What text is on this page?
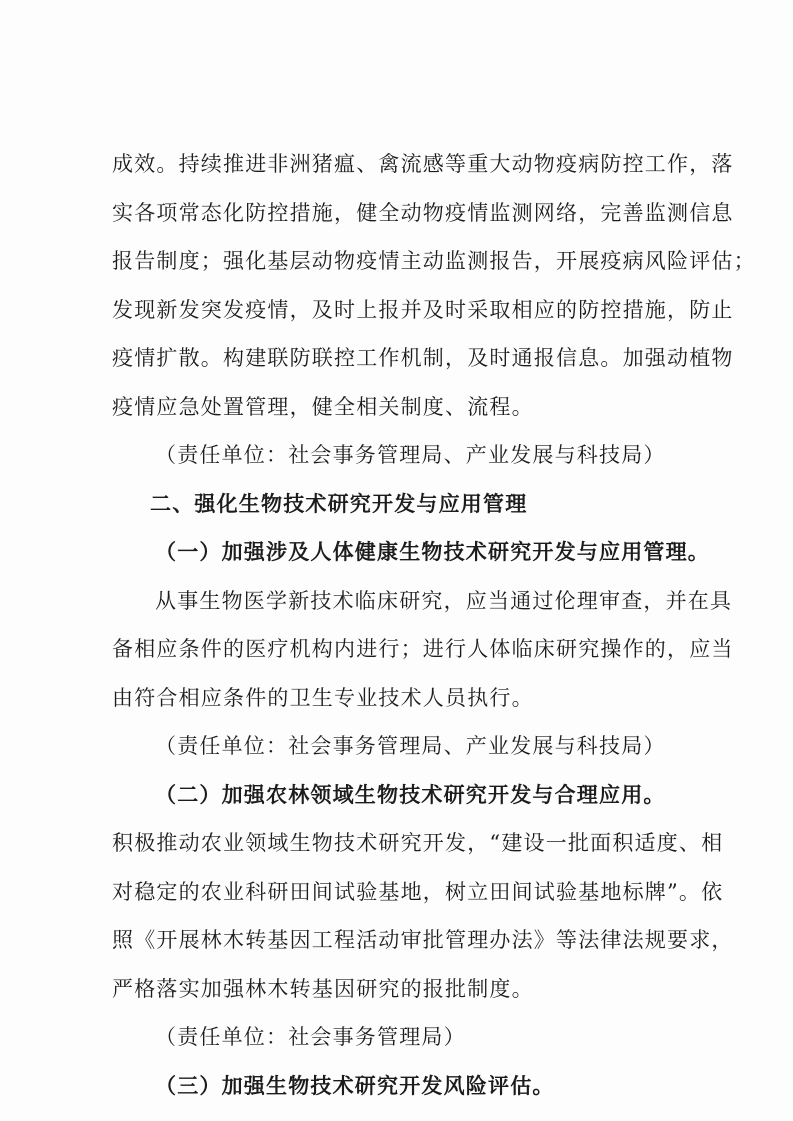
成效。持续推进非洲猪瘟、禽流感等重大动物疫病防控工作，落
实各项常态化防控措施，健全动物疫情监测网络，完善监测信息
报告制度；强化基层动物疫情主动监测报告，开展疫病风险评估；
发现新发突发疫情，及时上报并及时采取相应的防控措施，防止
疫情扩散。构建联防联控工作机制，及时通报信息。加强动植物
疫情应急处置管理，健全相关制度、流程。
（责任单位：社会事务管理局、产业发展与科技局）
二、强化生物技术研究开发与应用管理
（一）加强涉及人体健康生物技术研究开发与应用管理。
从事生物医学新技术临床研究，应当通过伦理审查，并在具
备相应条件的医疗机构内进行；进行人体临床研究操作的，应当
由符合相应条件的卫生专业技术人员执行。
（责任单位：社会事务管理局、产业发展与科技局）
（二）加强农林领域生物技术研究开发与合理应用。
积极推动农业领域生物技术研究开发，“建设一批面积适度、相
对稳定的农业科研田间试验基地，树立田间试验基地标牌”。依
照《开展林木转基因工程活动审批管理办法》等法律法规要求，
严格落实加强林木转基因研究的报批制度。
（责任单位：社会事务管理局）
（三）加强生物技术研究开发风险评估。
